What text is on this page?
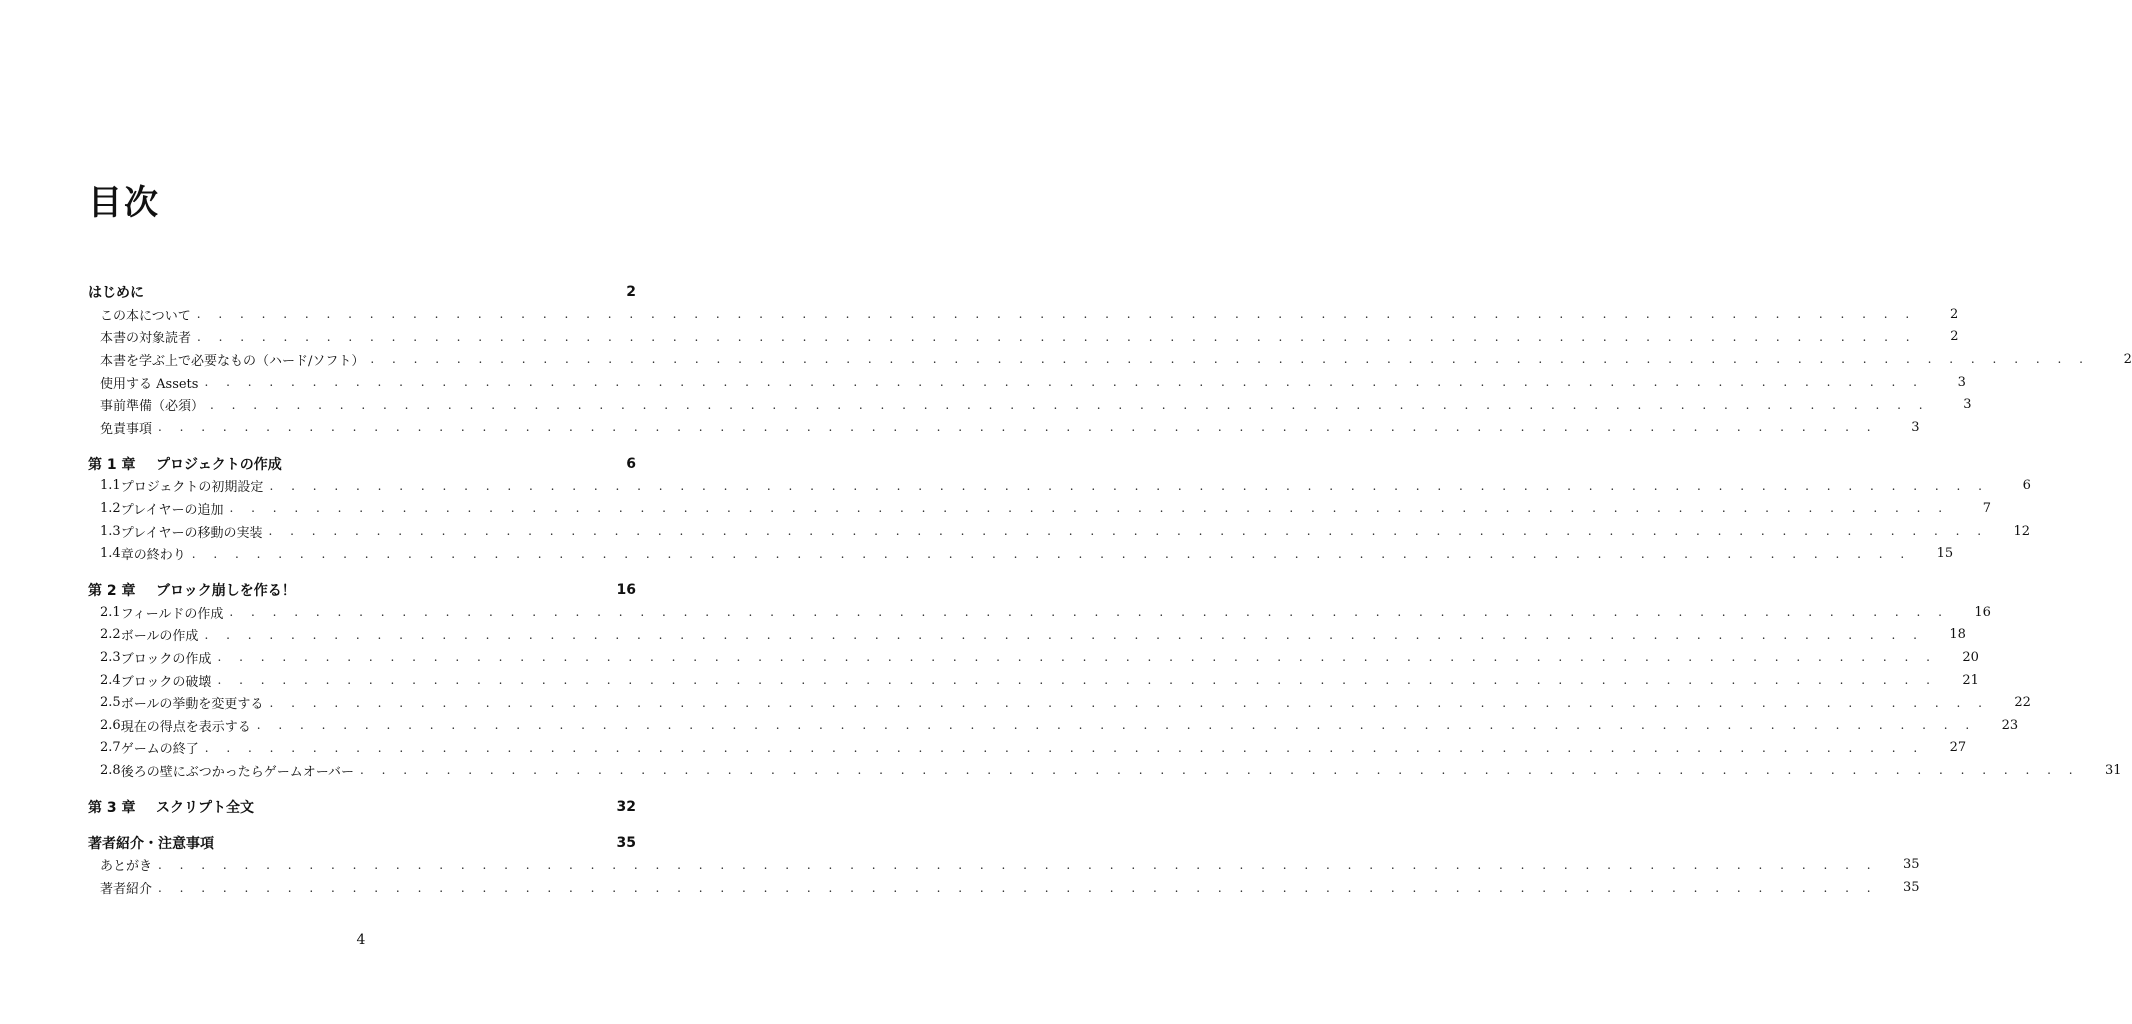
目次
はじめに	2
この本について . . . . . . . . . . . . . . . . . . . . . . . . . . . . . . . . . . . . . . . . . . . . . . . . . . . . . . . . . . . . . . . . . . . . . . . . . . . . . . . .	2
本書の対象読者 . . . . . . . . . . . . . . . . . . . . . . . . . . . . . . . . . . . . . . . . . . . . . . . . . . . . . . . . . . . . . . . . . . . . . . . . . . . . . . . .	2
本書を学ぶ上で必要なもの（ハード/ソフト） . . . . . . . . . . . . . . . . . . . . . . . . . . . . . . . . . . . . . . . . . . . . . . . . . . . . . . . . . . . . . . . . . . . . . . . . . . . . . . . .	2
使用する Assets . . . . . . . . . . . . . . . . . . . . . . . . . . . . . . . . . . . . . . . . . . . . . . . . . . . . . . . . . . . . . . . . . . . . . . . . . . . . . . . .	3
事前準備（必須） . . . . . . . . . . . . . . . . . . . . . . . . . . . . . . . . . . . . . . . . . . . . . . . . . . . . . . . . . . . . . . . . . . . . . . . . . . . . . . . .	3
免責事項 . . . . . . . . . . . . . . . . . . . . . . . . . . . . . . . . . . . . . . . . . . . . . . . . . . . . . . . . . . . . . . . . . . . . . . . . . . . . . . . .	3
第 1 章	プロジェクトの作成	6
1.1 プロジェクトの初期設定 . . . . . . . . . . . . . . . . . . . . . . . . . . . . . . . . . . . . . . . . . . . . . . . . . . . . . . . . . . . . . . . . . . . . . . . . . . . . . . . .	6
1.2 プレイヤーの追加 . . . . . . . . . . . . . . . . . . . . . . . . . . . . . . . . . . . . . . . . . . . . . . . . . . . . . . . . . . . . . . . . . . . . . . . . . . . . . . . .	7
1.3 プレイヤーの移動の実装 . . . . . . . . . . . . . . . . . . . . . . . . . . . . . . . . . . . . . . . . . . . . . . . . . . . . . . . . . . . . . . . . . . . . . . . . . . . . . . . .	12
1.4 章の終わり . . . . . . . . . . . . . . . . . . . . . . . . . . . . . . . . . . . . . . . . . . . . . . . . . . . . . . . . . . . . . . . . . . . . . . . . . . . . . . . .	15
第 2 章	ブロック崩しを作る！	16
2.1 フィールドの作成 . . . . . . . . . . . . . . . . . . . . . . . . . . . . . . . . . . . . . . . . . . . . . . . . . . . . . . . . . . . . . . . . . . . . . . . . . . . . . . . .	16
2.2 ボールの作成 . . . . . . . . . . . . . . . . . . . . . . . . . . . . . . . . . . . . . . . . . . . . . . . . . . . . . . . . . . . . . . . . . . . . . . . . . . . . . . . .	18
2.3 ブロックの作成 . . . . . . . . . . . . . . . . . . . . . . . . . . . . . . . . . . . . . . . . . . . . . . . . . . . . . . . . . . . . . . . . . . . . . . . . . . . . . . . .	20
2.4 ブロックの破壊 . . . . . . . . . . . . . . . . . . . . . . . . . . . . . . . . . . . . . . . . . . . . . . . . . . . . . . . . . . . . . . . . . . . . . . . . . . . . . . . .	21
2.5 ボールの挙動を変更する . . . . . . . . . . . . . . . . . . . . . . . . . . . . . . . . . . . . . . . . . . . . . . . . . . . . . . . . . . . . . . . . . . . . . . . . . . . . . . . .	22
2.6 現在の得点を表示する . . . . . . . . . . . . . . . . . . . . . . . . . . . . . . . . . . . . . . . . . . . . . . . . . . . . . . . . . . . . . . . . . . . . . . . . . . . . . . . .	23
2.7 ゲームの終了 . . . . . . . . . . . . . . . . . . . . . . . . . . . . . . . . . . . . . . . . . . . . . . . . . . . . . . . . . . . . . . . . . . . . . . . . . . . . . . . .	27
2.8 後ろの壁にぶつかったらゲームオーバー . . . . . . . . . . . . . . . . . . . . . . . . . . . . . . . . . . . . . . . . . . . . . . . . . . . . . . . . . . . . . . . . . . . . . . . . . . . . . . . .	31
第 3 章	スクリプト全文	32
著者紹介・注意事項	35
あとがき . . . . . . . . . . . . . . . . . . . . . . . . . . . . . . . . . . . . . . . . . . . . . . . . . . . . . . . . . . . . . . . . . . . . . . . . . . . . . . . .	35
著者紹介 . . . . . . . . . . . . . . . . . . . . . . . . . . . . . . . . . . . . . . . . . . . . . . . . . . . . . . . . . . . . . . . . . . . . . . . . . . . . . . . .	35
4
